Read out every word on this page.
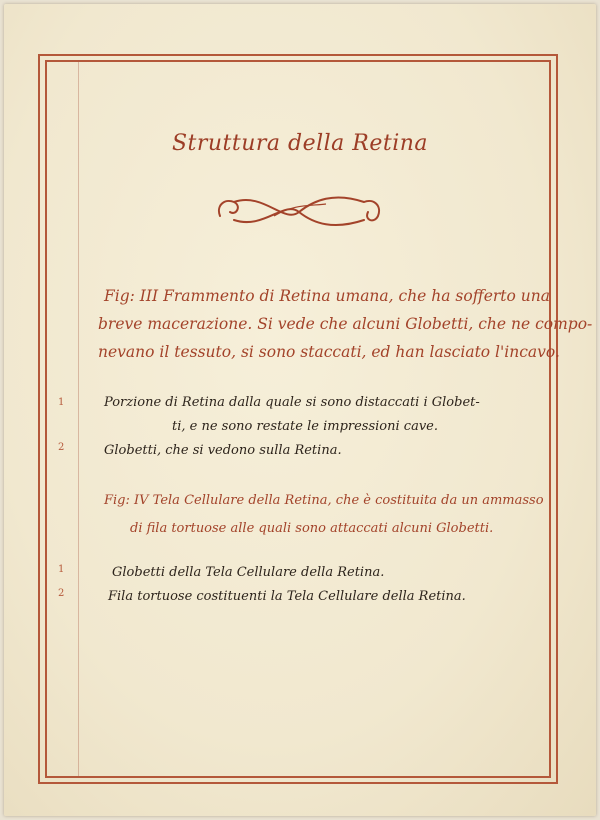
Struttura della Retina
Fig: III Frammento di Retina umana, che ha sofferto una
breve macerazione. Si vede che alcuni Globetti, che ne compo-
nevano il tessuto, si sono staccati, ed han lasciato l'incavo.
1	Porzione di Retina dalla quale si sono distaccati i Globet-
ti, e ne sono restate le impressioni cave.
2	Globetti, che si vedono sulla Retina.
Fig: IV Tela Cellulare della Retina, che è costituita da un ammasso
di fila tortuose alle quali sono attaccati alcuni Globetti.
1	Globetti della Tela Cellulare della Retina.
2	Fila tortuose costituenti la Tela Cellulare della Retina.
